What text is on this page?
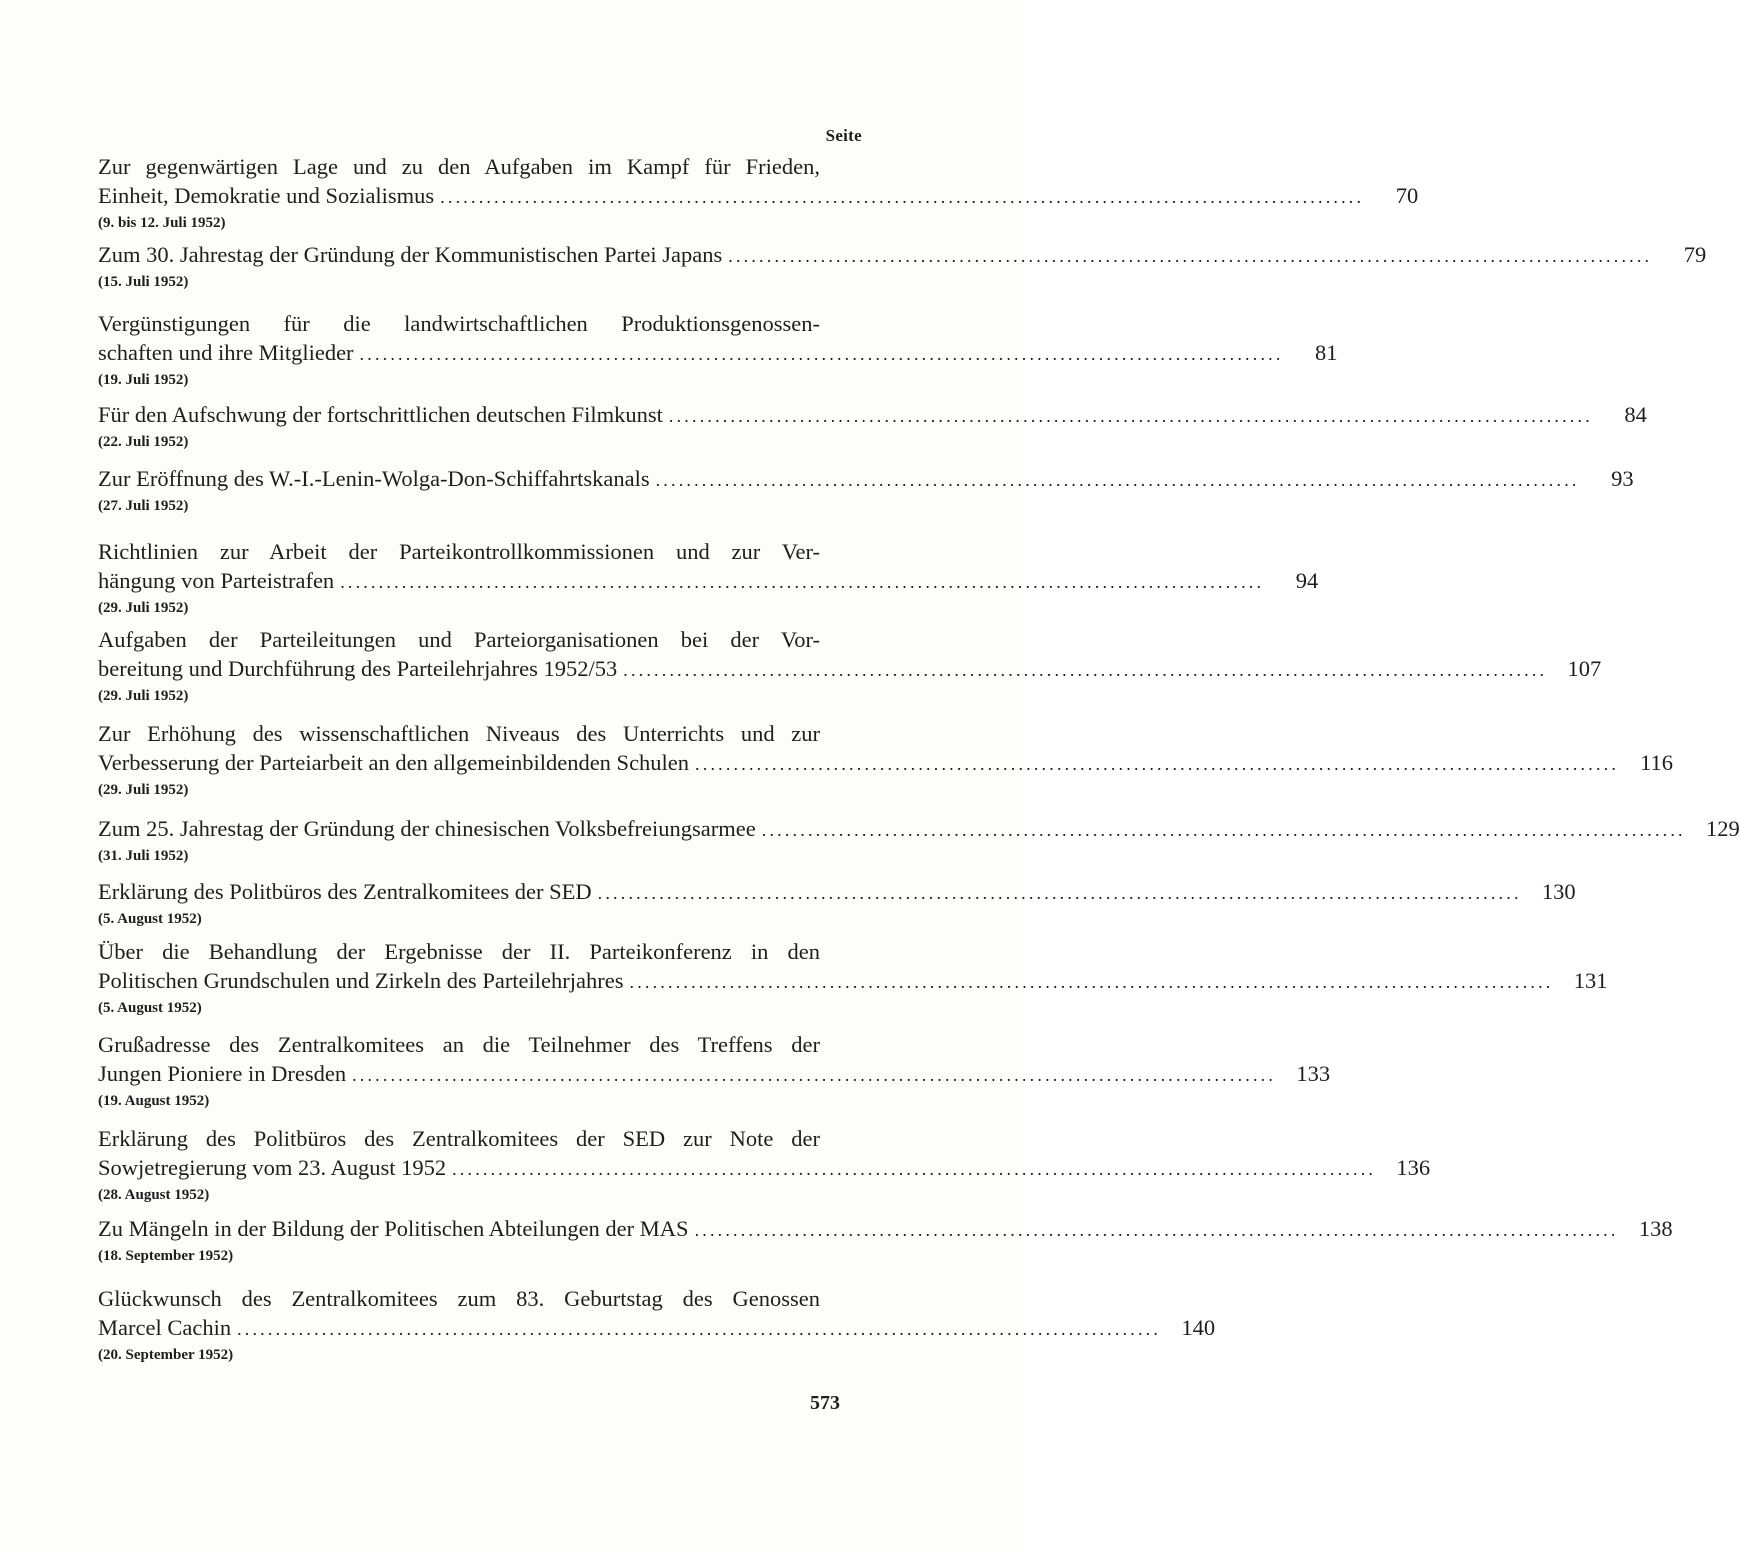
Seite
Zur gegenwärtigen Lage und zu den Aufgaben im Kampf für Frieden,
Einheit, Demokratie und Sozialismus ........................................................................................................................	70
(9. bis 12. Juli 1952)
Zum 30. Jahrestag der Gründung der Kommunistischen Partei Japans ........................................................................................................................	79
(15. Juli 1952)
Vergünstigungen für die landwirtschaftlichen Produktionsgenossen-
schaften und ihre Mitglieder ........................................................................................................................	81
(19. Juli 1952)
Für den Aufschwung der fortschrittlichen deutschen Filmkunst ........................................................................................................................	84
(22. Juli 1952)
Zur Eröffnung des W.-I.-Lenin-Wolga-Don-Schiffahrtskanals ........................................................................................................................	93
(27. Juli 1952)
Richtlinien zur Arbeit der Parteikontrollkommissionen und zur Ver-
hängung von Parteistrafen ........................................................................................................................	94
(29. Juli 1952)
Aufgaben der Parteileitungen und Parteiorganisationen bei der Vor-
bereitung und Durchführung des Parteilehrjahres 1952/53 ........................................................................................................................ 107
(29. Juli 1952)
Zur Erhöhung des wissenschaftlichen Niveaus des Unterrichts und zur
Verbesserung der Parteiarbeit an den allgemeinbildenden Schulen ........................................................................................................................ 116
(29. Juli 1952)
Zum 25. Jahrestag der Gründung der chinesischen Volksbefreiungsarmee ........................................................................................................................ 129
(31. Juli 1952)
Erklärung des Politbüros des Zentralkomitees der SED ........................................................................................................................ 130
(5. August 1952)
Über die Behandlung der Ergebnisse der II. Parteikonferenz in den
Politischen Grundschulen und Zirkeln des Parteilehrjahres ........................................................................................................................ 131
(5. August 1952)
Grußadresse des Zentralkomitees an die Teilnehmer des Treffens der
Jungen Pioniere in Dresden ........................................................................................................................ 133
(19. August 1952)
Erklärung des Politbüros des Zentralkomitees der SED zur Note der
Sowjetregierung vom 23. August 1952 ........................................................................................................................ 136
(28. August 1952)
Zu Mängeln in der Bildung der Politischen Abteilungen der MAS ........................................................................................................................ 138
(18. September 1952)
Glückwunsch des Zentralkomitees zum 83. Geburtstag des Genossen
Marcel Cachin ........................................................................................................................ 140
(20. September 1952)
573
